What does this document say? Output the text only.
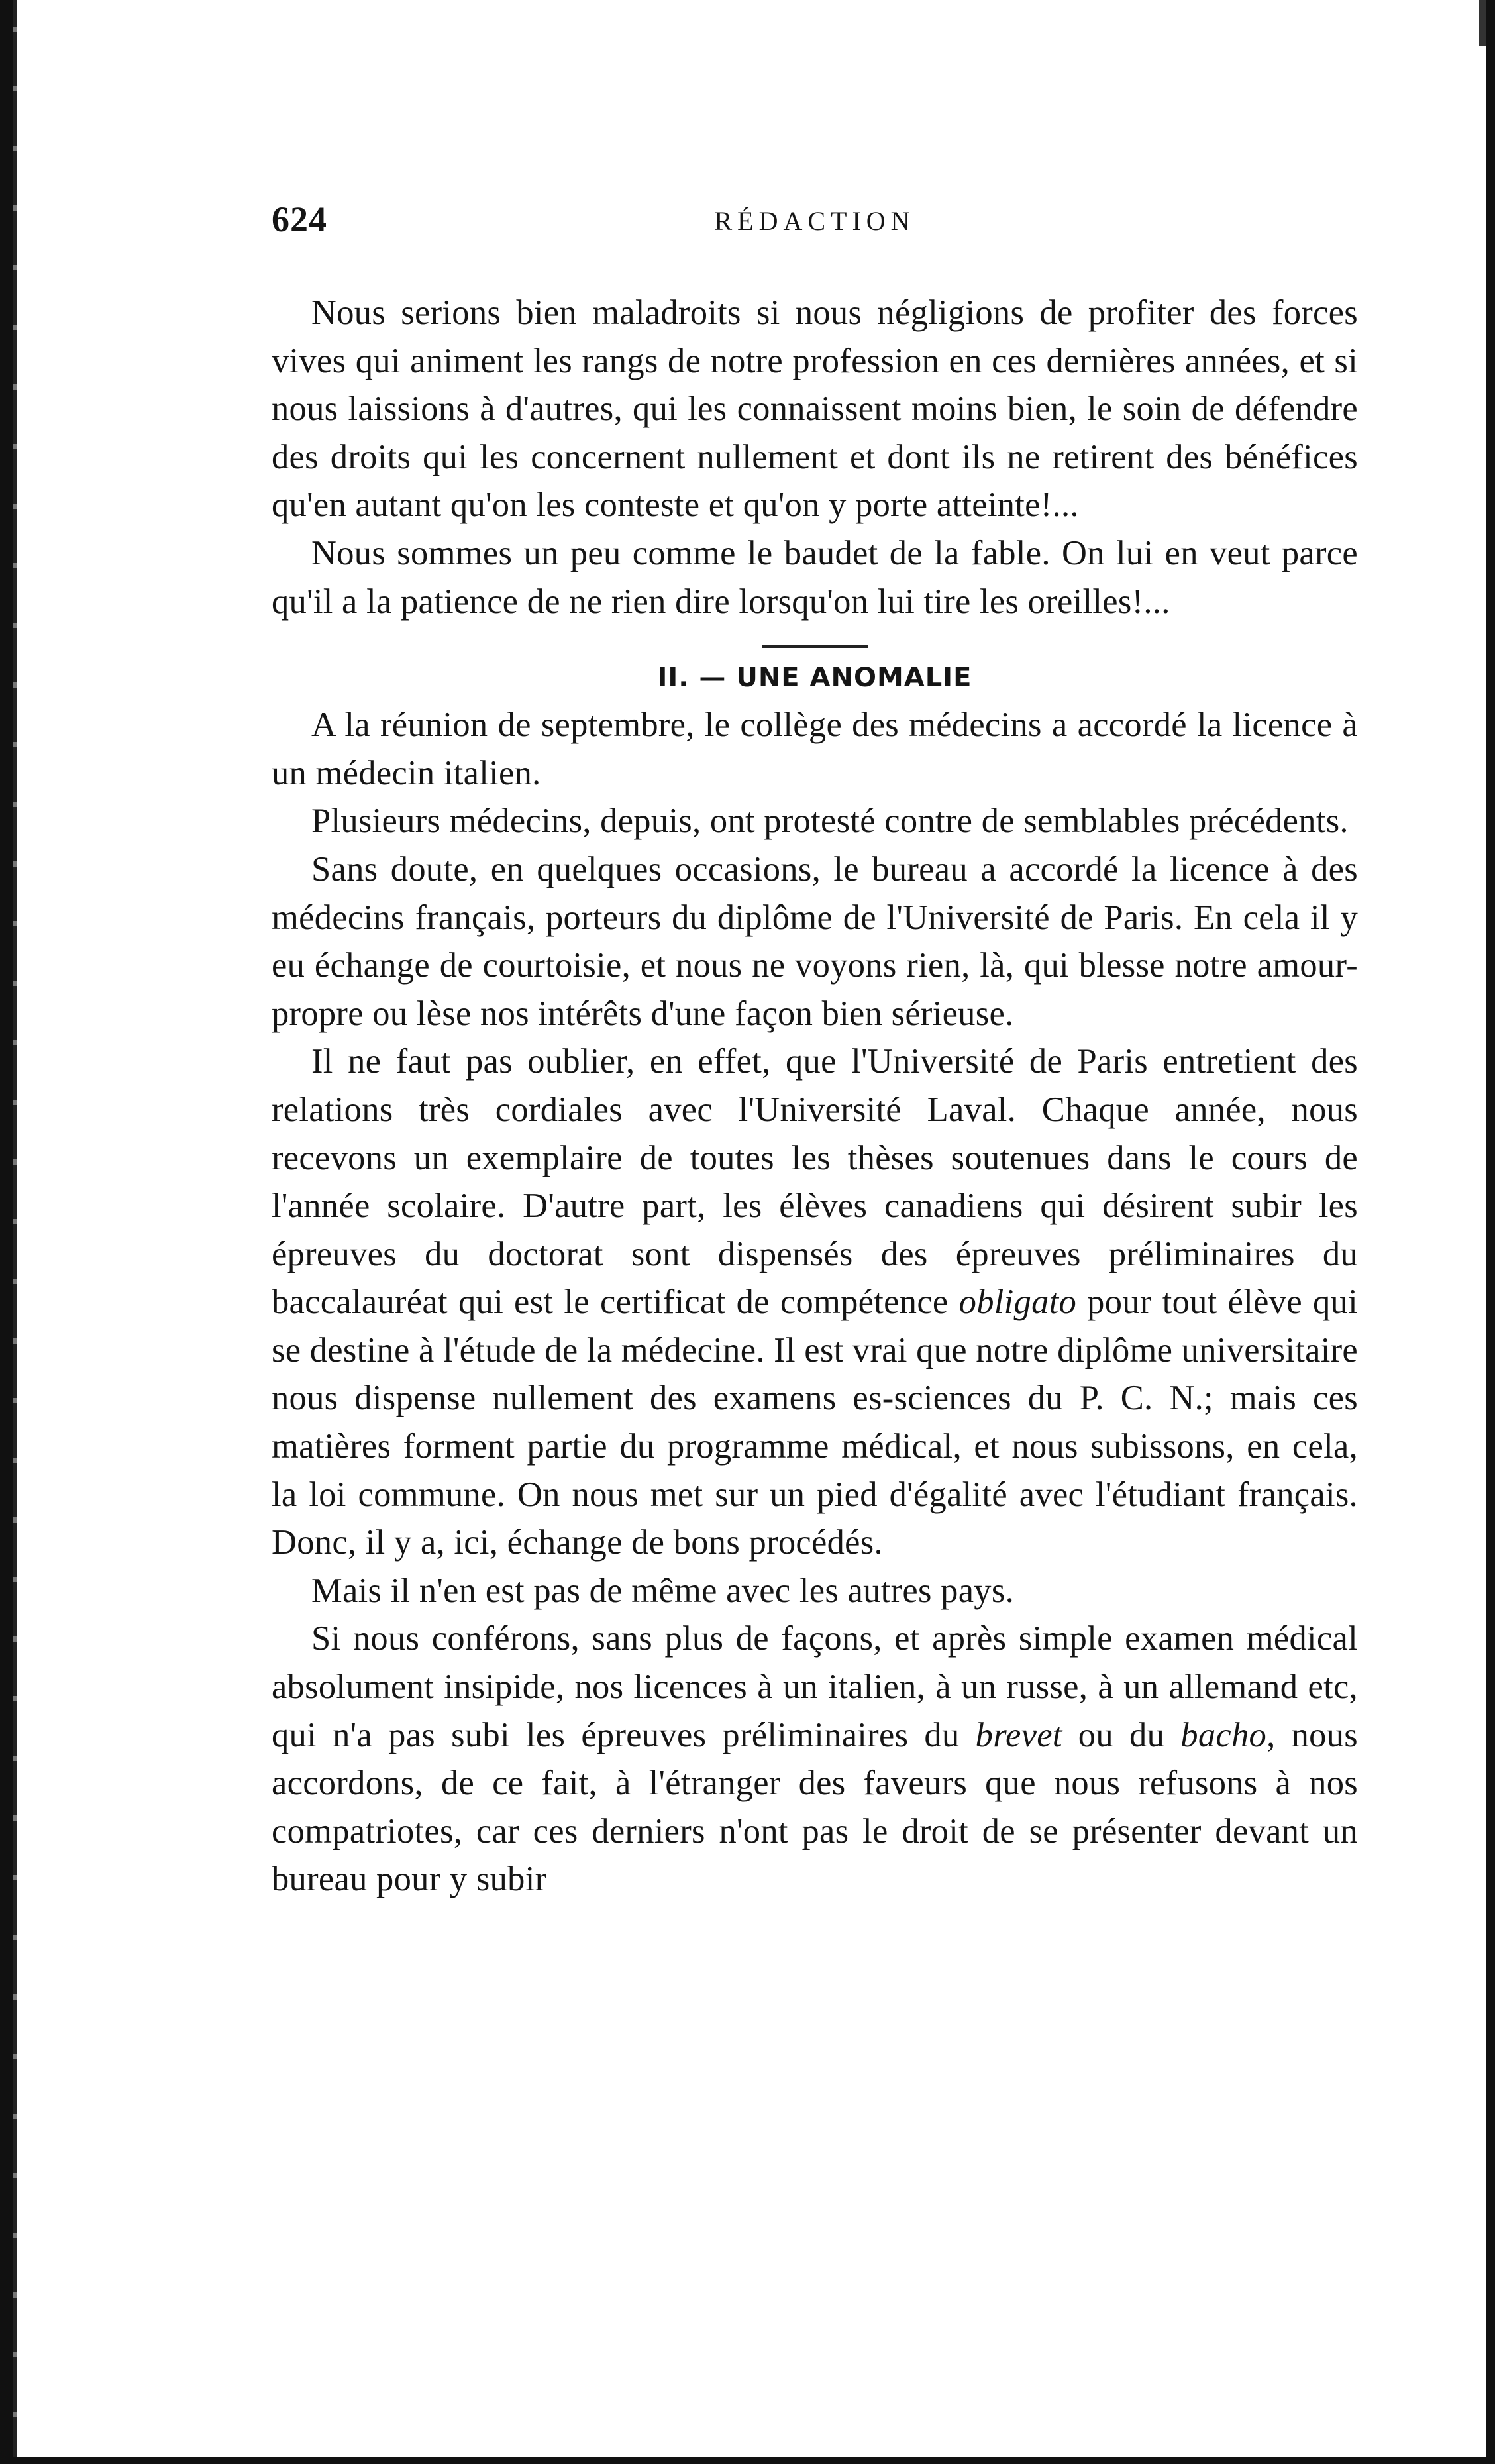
624	RÉDACTION

Nous serions bien maladroits si nous négligions de profiter des forces vives qui animent les rangs de notre profession en ces dernières années, et si nous laissions à d'autres, qui les connaissent moins bien, le soin de défendre des droits qui les concernent nullement et dont ils ne retirent des bénéfices qu'en autant qu'on les conteste et qu'on y porte atteinte!...

Nous sommes un peu comme le baudet de la fable. On lui en veut parce qu'il a la patience de ne rien dire lorsqu'on lui tire les oreilles!...

II. — UNE ANOMALIE

A la réunion de septembre, le collège des médecins a accordé la licence à un médecin italien.

Plusieurs médecins, depuis, ont protesté contre de semblables précédents.

Sans doute, en quelques occasions, le bureau a accordé la licence à des médecins français, porteurs du diplôme de l'Université de Paris. En cela il y eu échange de courtoisie, et nous ne voyons rien, là, qui blesse notre amour-propre ou lèse nos intérêts d'une façon bien sérieuse.

Il ne faut pas oublier, en effet, que l'Université de Paris entretient des relations très cordiales avec l'Université Laval. Chaque année, nous recevons un exemplaire de toutes les thèses soutenues dans le cours de l'année scolaire. D'autre part, les élèves canadiens qui désirent subir les épreuves du doctorat sont dispensés des épreuves préliminaires du baccalauréat qui est le certificat de compétence obligato pour tout élève qui se destine à l'étude de la médecine. Il est vrai que notre diplôme universitaire nous dispense nullement des examens es-sciences du P. C. N.; mais ces matières forment partie du programme médical, et nous subissons, en cela, la loi commune. On nous met sur un pied d'égalité avec l'étudiant français. Donc, il y a, ici, échange de bons procédés.

Mais il n'en est pas de même avec les autres pays.

Si nous conférons, sans plus de façons, et après simple examen médical absolument insipide, nos licences à un italien, à un russe, à un allemand etc, qui n'a pas subi les épreuves préliminaires du brevet ou du bacho, nous accordons, de ce fait, à l'étranger des faveurs que nous refusons à nos compatriotes, car ces derniers n'ont pas le droit de se présenter devant un bureau pour y subir
